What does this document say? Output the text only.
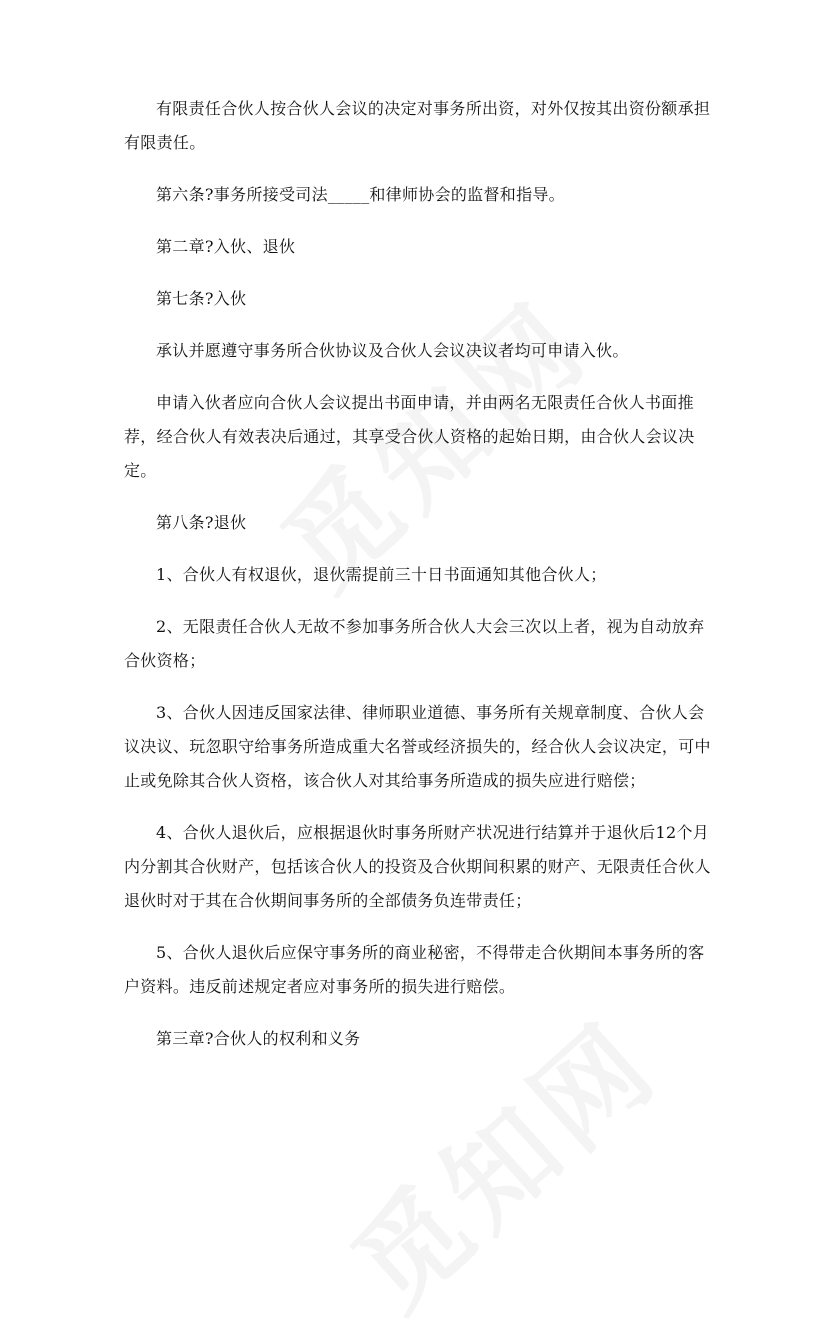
有限责任合伙人按合伙人会议的决定对事务所出资，对外仅按其出资份额承担有限责任。

第六条?事务所接受司法_____和律师协会的监督和指导。

第二章?入伙、退伙

第七条?入伙

承认并愿遵守事务所合伙协议及合伙人会议决议者均可申请入伙。

申请入伙者应向合伙人会议提出书面申请，并由两名无限责任合伙人书面推荐，经合伙人有效表决后通过，其享受合伙人资格的起始日期，由合伙人会议决定。

第八条?退伙

1、合伙人有权退伙，退伙需提前三十日书面通知其他合伙人；

2、无限责任合伙人无故不参加事务所合伙人大会三次以上者，视为自动放弃合伙资格；

3、合伙人因违反国家法律、律师职业道德、事务所有关规章制度、合伙人会议决议、玩忽职守给事务所造成重大名誉或经济损失的，经合伙人会议决定，可中止或免除其合伙人资格，该合伙人对其给事务所造成的损失应进行赔偿；

4、合伙人退伙后，应根据退伙时事务所财产状况进行结算并于退伙后12个月内分割其合伙财产，包括该合伙人的投资及合伙期间积累的财产、无限责任合伙人退伙时对于其在合伙期间事务所的全部债务负连带责任；

5、合伙人退伙后应保守事务所的商业秘密，不得带走合伙期间本事务所的客户资料。违反前述规定者应对事务所的损失进行赔偿。

第三章?合伙人的权利和义务
